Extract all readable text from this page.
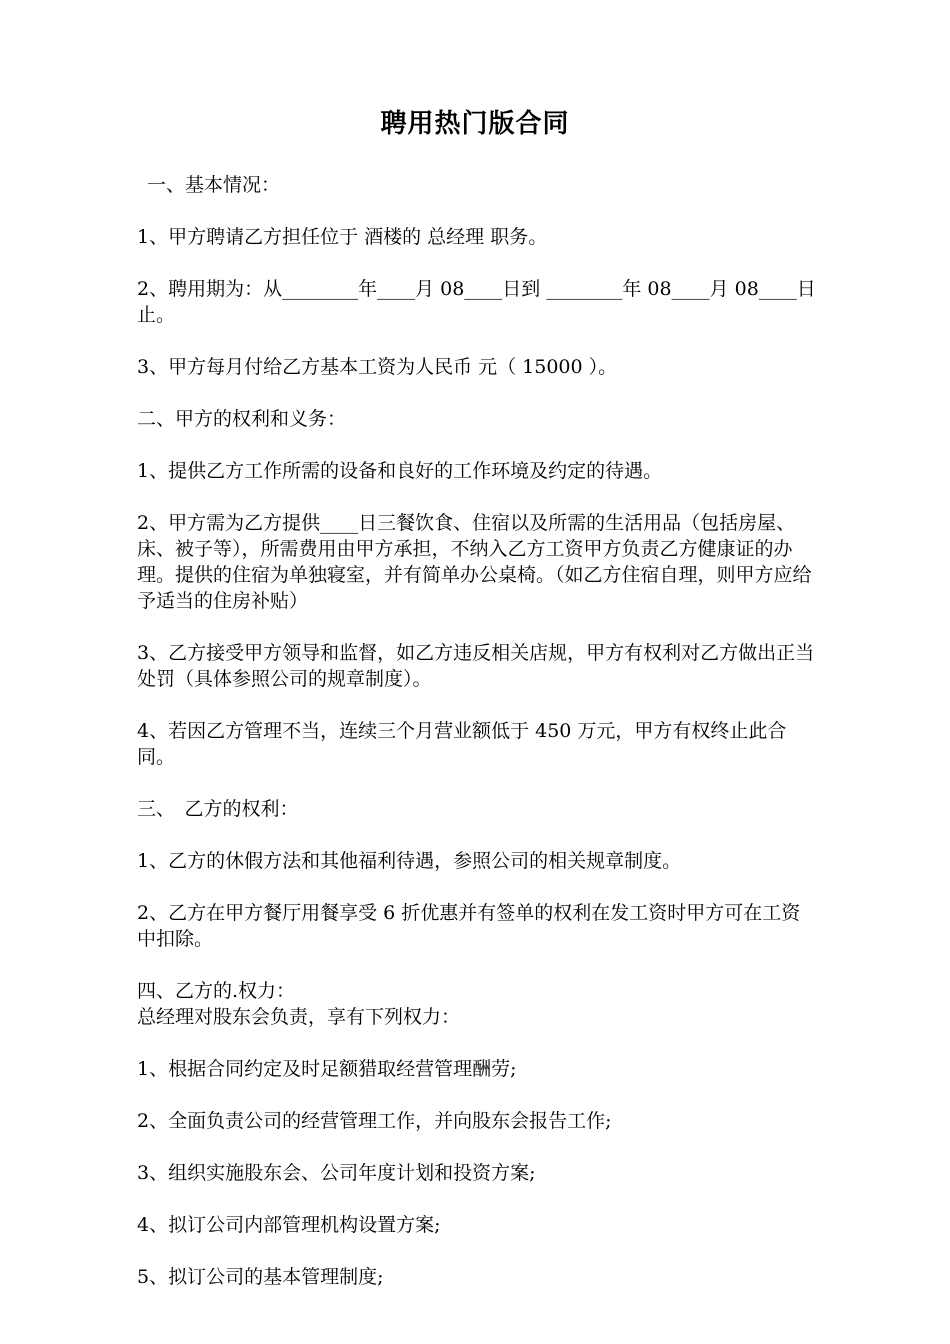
聘用热门版合同

一、基本情况：

1、甲方聘请乙方担任位于 酒楼的 总经理 职务。

2、聘用期为：从________年____月 08____日到 ________年 08____月 08____日止。

3、甲方每月付给乙方基本工资为人民币 元（ 15000 ）。

二、甲方的权利和义务：

1、提供乙方工作所需的设备和良好的工作环境及约定的待遇。

2、甲方需为乙方提供____日三餐饮食、住宿以及所需的生活用品（包括房屋、床、被子等），所需费用由甲方承担，不纳入乙方工资甲方负责乙方健康证的办理。提供的住宿为单独寝室，并有简单办公桌椅。（如乙方住宿自理，则甲方应给予适当的住房补贴）

3、乙方接受甲方领导和监督，如乙方违反相关店规，甲方有权利对乙方做出正当处罚（具体参照公司的规章制度）。

4、若因乙方管理不当，连续三个月营业额低于 450 万元，甲方有权终止此合同。

三、　乙方的权利：

1、乙方的休假方法和其他福利待遇，参照公司的相关规章制度。

2、乙方在甲方餐厅用餐享受 6 折优惠并有签单的权利在发工资时甲方可在工资中扣除。

四、乙方的.权力：

总经理对股东会负责，享有下列权力：

1、根据合同约定及时足额猎取经营管理酬劳;

2、全面负责公司的经营管理工作，并向股东会报告工作;

3、组织实施股东会、公司年度计划和投资方案;

4、拟订公司内部管理机构设置方案;

5、拟订公司的基本管理制度;
